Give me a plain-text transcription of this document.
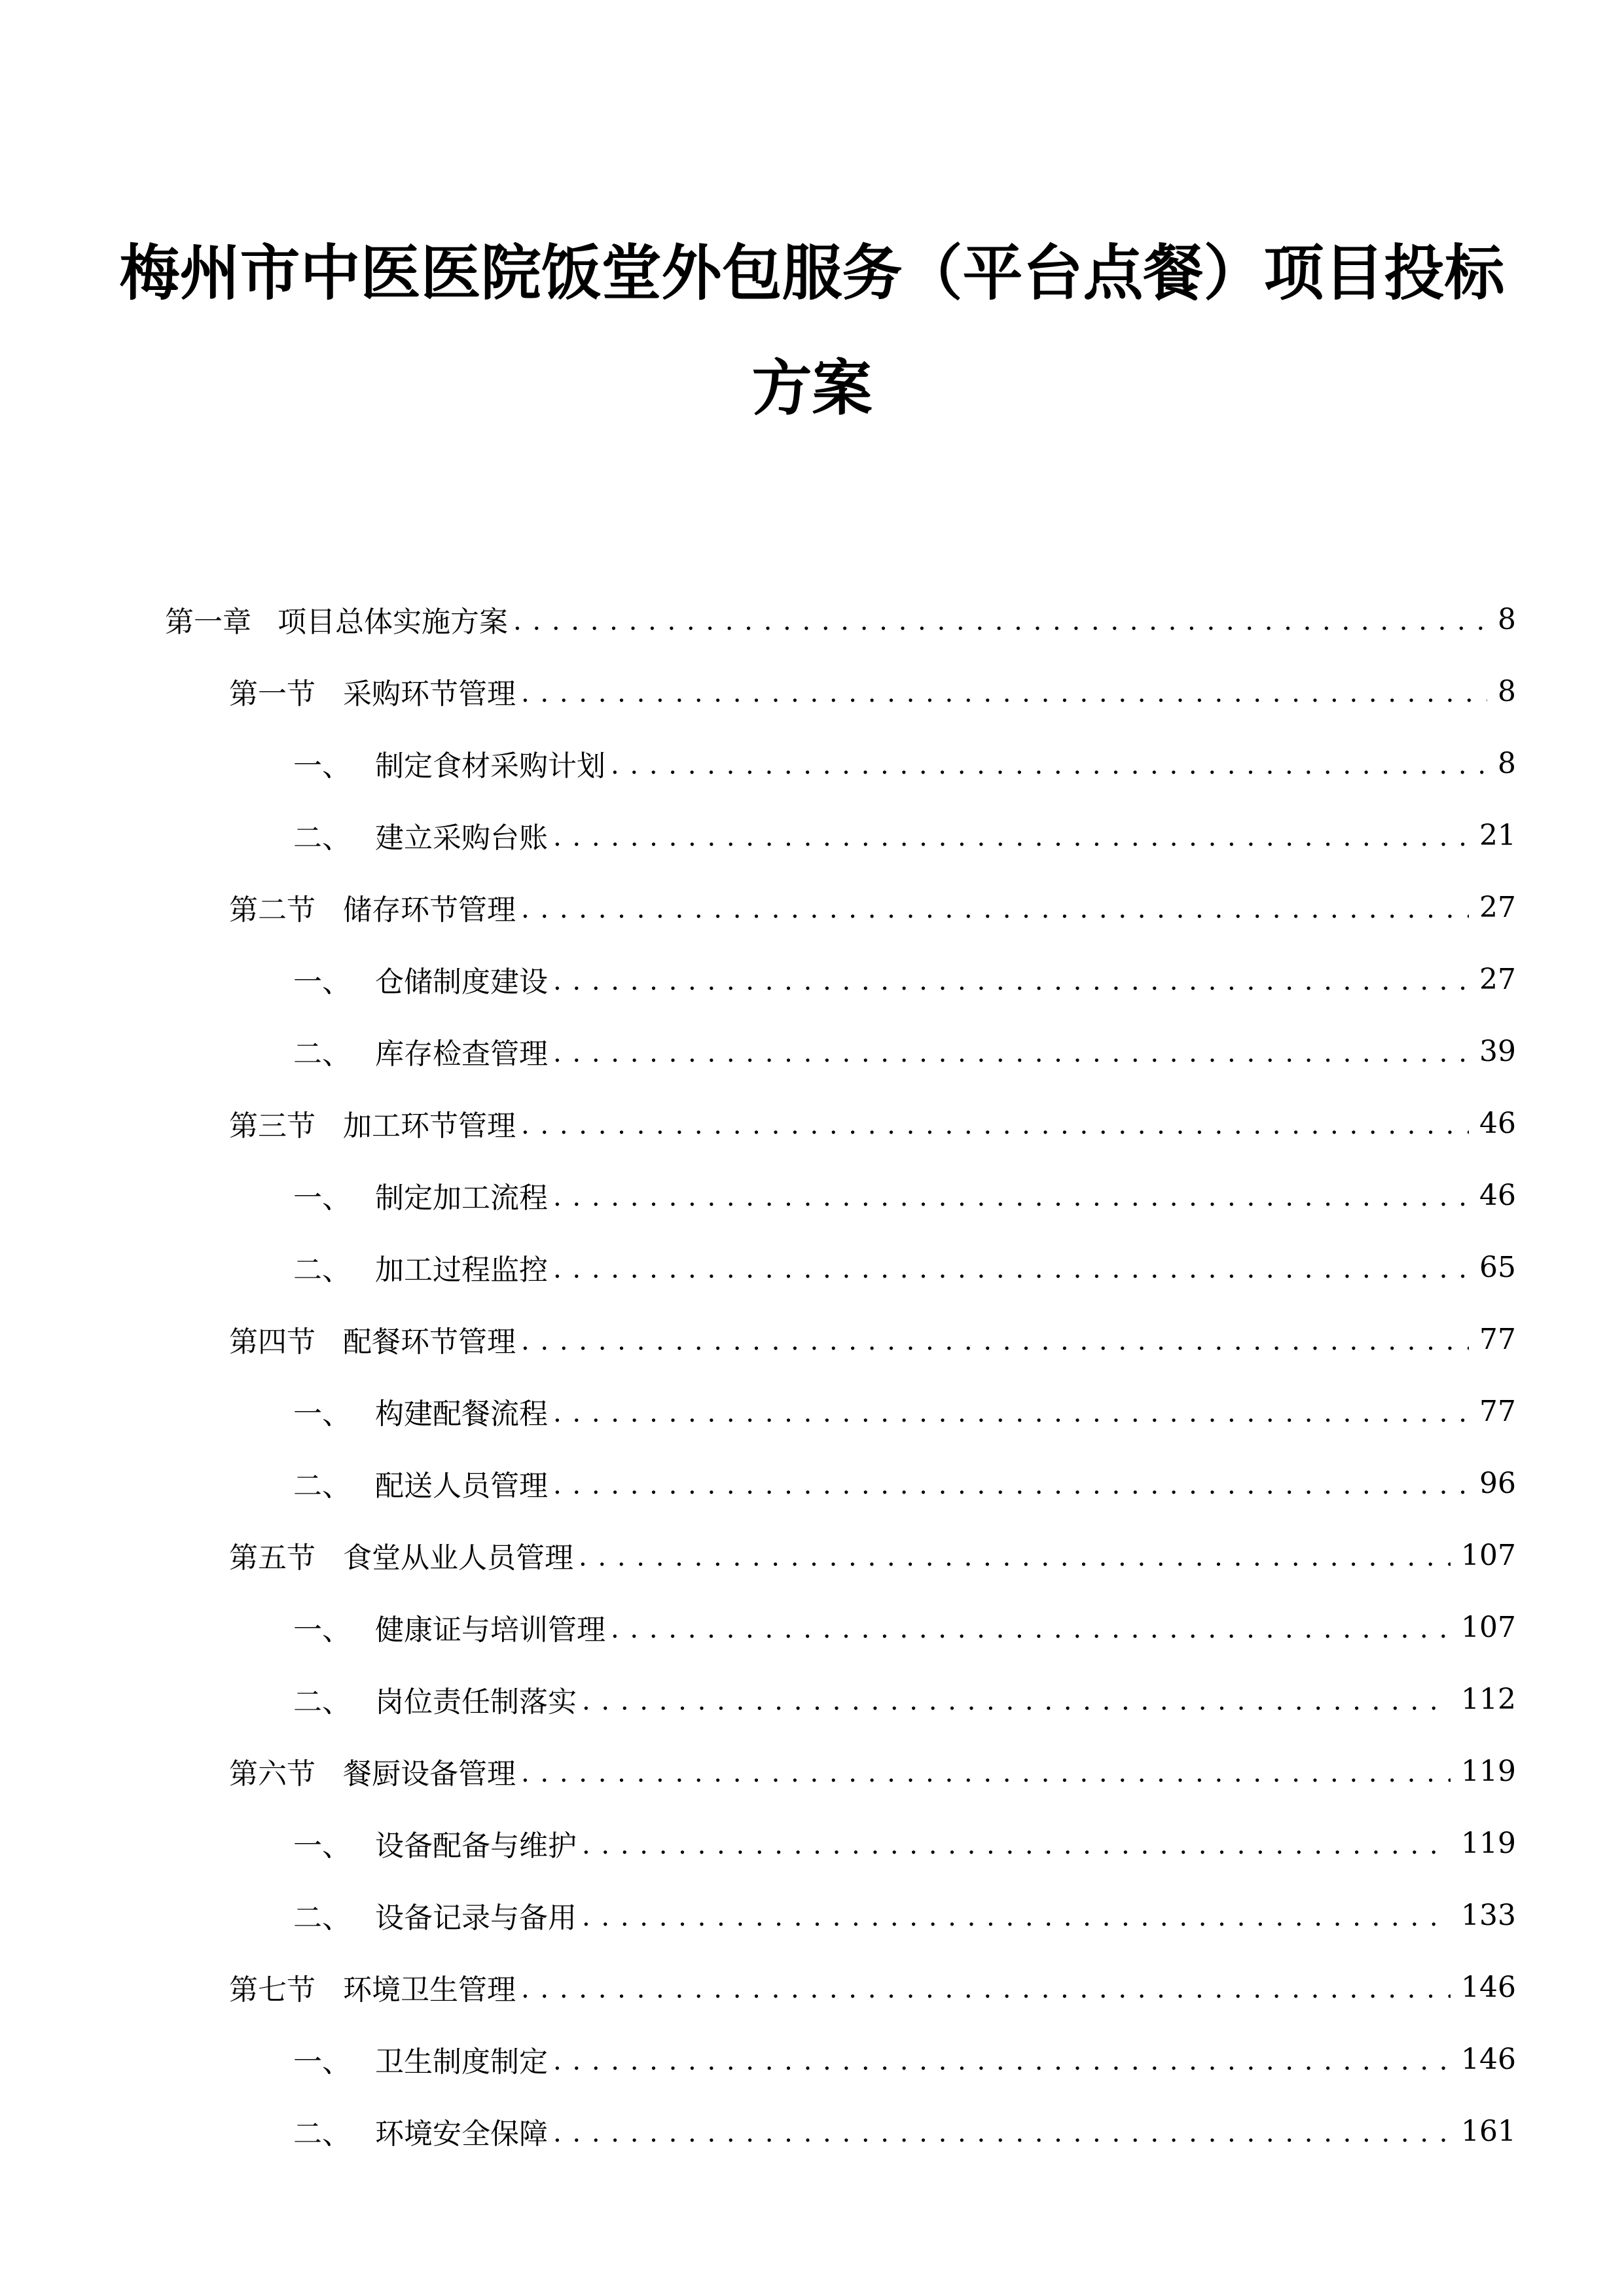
梅州市中医医院饭堂外包服务（平台点餐）项目投标
方案
第一章 项目总体实施方案 . . .	8
第一节 采购环节管理 . . .	8
一、 制定食材采购计划 . . .	8
二、 建立采购台账 . . .	21
第二节 储存环节管理 . . .	27
一、 仓储制度建设 . . .	27
二、 库存检查管理 . . .	39
第三节 加工环节管理 . . .	46
一、 制定加工流程 . . .	46
二、 加工过程监控 . . .	65
第四节 配餐环节管理 . . .	77
一、 构建配餐流程 . . .	77
二、 配送人员管理 . . .	96
第五节 食堂从业人员管理 . . .	107
一、 健康证与培训管理 . . .	107
二、 岗位责任制落实 . . .	112
第六节 餐厨设备管理 . . .	119
一、 设备配备与维护 . . .	119
二、 设备记录与备用 . . .	133
第七节 环境卫生管理 . . .	146
一、 卫生制度制定 . . .	146
二、 环境安全保障 . . .	161
